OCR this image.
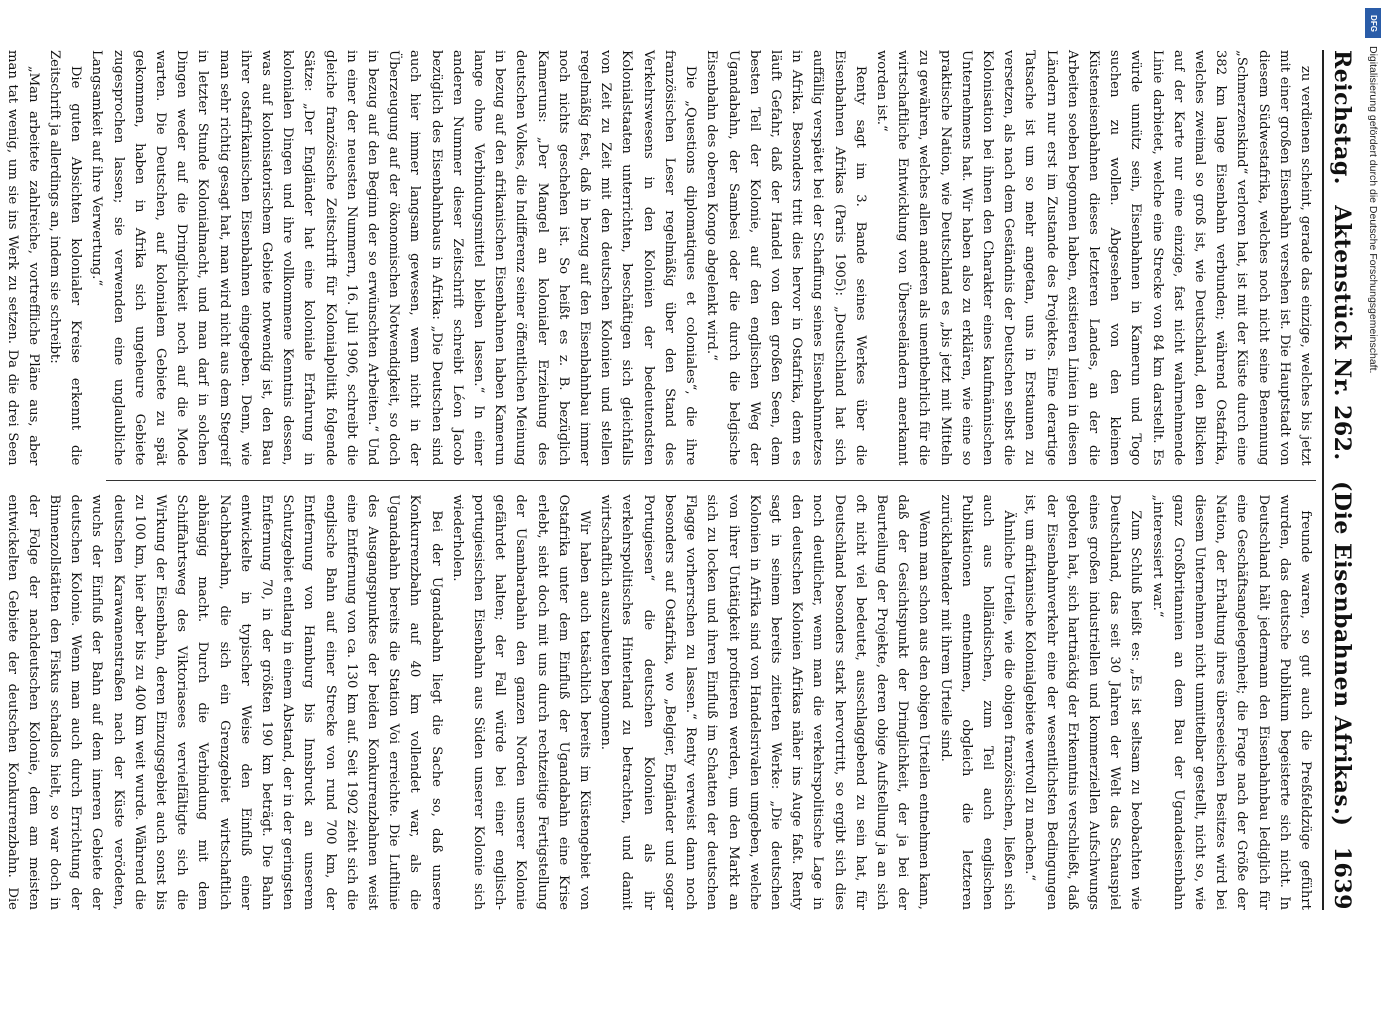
Reichstag.
Aktenstück Nr. 262.
(Die Eisenbahnen Afrikas.)
1639

zu verdienen scheint, gerade das einzige, welches bis jetzt mit einer großen Eisenbahn versehen ist. Die Hauptstadt von diesem Südwestafrika, welches noch nicht seine Benennung „Schmerzenskind“ verloren hat, ist mit der Küste durch eine 382 km lange Eisenbahn verbunden; während Ostafrika, welches zweimal so groß ist, wie Deutschland, den Blicken auf der Karte nur eine einzige, fast nicht wahrnehmende Linie darbietet, welche eine Strecke von 84 km darstellt. Es würde unnütz sein, Eisenbahnen in Kamerun und Togo suchen zu wollen. Abgesehen von den kleinen Küsteneisenbahnen dieses letzteren Landes, an der die Arbeiten soeben begonnen haben, existieren Linien in diesen Ländern nur erst im Zustande des Projektes. Eine derartige Tatsache ist um so mehr angetan, uns in Erstaunen zu versetzen, als nach dem Geständnis der Deutschen selbst die Kolonisation bei ihnen den Charakter eines kaufmännischen Unternehmens hat. Wir haben also zu erklären, wie eine so praktische Nation, wie Deutschland es „bis jetzt mit Mitteln zu gewähren, welches allen anderen als unentbehrlich für die wirtschaftliche Entwicklung von Überseeländern anerkannt worden ist.“

Renty sagt im 3. Bande seines Werkes über die Eisenbahnen Afrikas (Paris 1905): „Deutschland hat sich auffällig verspätet bei der Schaffung seines Eisenbahnnetzes in Afrika. Besonders tritt dies hervor in Ostafrika, denn es läuft Gefahr, daß der Handel von den großen Seen, dem besten Teil der Kolonie, auf den englischen Weg der Ugandabahn, der Sambesi oder die durch die belgische Eisenbahn des oberen Kongo abgelenkt wird.“

Die „Questions diplomatiques et coloniales“, die ihre französischen Leser regelmäßig über den Stand des Verkehrswesens in den Kolonien der bedeutendsten Kolonialstaaten unterrichten, beschäftigen sich gleichfalls von Zeit zu Zeit mit den deutschen Kolonien und stellen regelmäßig fest, daß in bezug auf den Eisenbahnbau immer noch nichts geschehen ist. So heißt es z. B. bezüglich Kameruns: „Der Mangel an kolonialer Erziehung des deutschen Volkes, die Indifferenz seiner öffentlichen Meinung in bezug auf den afrikanischen Eisenbahnen haben Kamerun lange ohne Verbindungsmittel bleiben lassen.“ In einer anderen Nummer dieser Zeitschrift schreibt Léon Jacob bezüglich des Eisenbahnbaus in Afrika: „Die Deutschen sind auch hier immer langsam gewesen, wenn nicht in der Überzeugung auf der ökonomischen Notwendigkeit, so doch in bezug auf den Beginn der so erwünschten Arbeiten.“ Und in einer der neuesten Nummern, 16. Juli 1906, schreibt die gleiche französische Zeitschrift für Kolonialpolitik folgende Sätze: „Der Engländer hat eine koloniale Erfahrung in kolonialen Dingen und ihre vollkommene Kenntnis dessen, was auf kolonisatorischem Gebiete notwendig ist, den Bau ihrer ostafrikanischen Eisenbahnen eingegeben. Denn, wie man sehr richtig gesagt hat, man wird nicht aus dem Stegreif in letzter Stunde Kolonialmacht, und man darf in solchen Dingen weder auf die Dringlichkeit noch auf die Mode warten. Die Deutschen, auf kolonialem Gebiete zu spät gekommen, haben in Afrika sich ungeheure Gebiete zugesprochen lassen; sie verwenden eine unglaubliche Langsamkeit auf ihre Verwertung.“

Die guten Absichten kolonialer Kreise erkennt die Zeitschrift ja allerdings an, indem sie schreibt:

„Man arbeitete zahlreiche, vortreffliche Pläne aus, aber man tat wenig, um sie ins Werk zu setzen. Da die drei Seen

freunde waren, so gut auch die Preßfeldzüge geführt wurden, das deutsche Publikum begeisterte sich nicht. In Deutschland hält jedermann den Eisenbahnbau lediglich für eine Geschäftsangelegenheit; die Frage nach der Größe der Nation, der Erhaltung ihres überseeischen Besitzes wird bei diesem Unternehmen nicht unmittelbar gestellt, nicht so, wie ganz Großbritannien an dem Bau der Ugandaeisenbahn „interessiert war.“

Zum Schluß heißt es: „Es ist seltsam zu beobachten wie Deutschland, das seit 30 Jahren der Welt das Schauspiel eines großen industriellen und kommerziellen Aufschwungs geboten hat, sich hartnäckig der Erkenntnis verschließt, daß der Eisenbahnverkehr eine der wesentlichsten Bedingungen ist, um afrikanische Kolonialgebiete wertvoll zu machen.“

Ähnliche Urteile, wie die obigen französischen, ließen sich auch aus holländischen, zum Teil auch englischen Publikationen entnehmen, obgleich die letzteren zurückhaltender mit ihrem Urteile sind.

Wenn man schon aus den obigen Urteilen entnehmen kann, daß der Gesichtspunkt der Dringlichkeit, der ja bei der Beurteilung der Projekte, deren obige Aufstellung ja an sich oft nicht viel bedeutet, ausschlaggebend zu sein hat, für Deutschland besonders stark hervortritt, so ergibt sich dies noch deutlicher, wenn man die verkehrspolitische Lage in den deutschen Kolonien Afrikas näher ins Auge faßt. Renty sagt in seinem bereits zitierten Werke: „Die deutschen Kolonien in Afrika sind von Handelsrivalen umgeben, welche von ihrer Untätigkeit profitieren werden, um den Markt an sich zu locken und ihren Einfluß im Schatten der deutschen Flagge vorherrschen zu lassen.“ Renty verweist dann noch besonders auf Ostafrika, wo „Belgier, Engländer und sogar Portugiesen“ die deutschen Kolonien als ihr verkehrspolitisches Hinterland zu betrachten, und damit wirtschaftlich auszubeuten begonnen.

Wir haben auch tatsächlich bereits im Küstengebiet von Ostafrika unter dem Einfluß der Ugandabahn eine Krise erlebt, sieht doch mit uns durch rechtzeitige Fertigstellung der Usambarabahn den ganzen Norden unserer Kolonie gefährdet halten; der Fall würde bei einer englisch-portugiesischen Eisenbahn aus Süden unserer Kolonie sich wiederholen.

Bei der Ugandabahn liegt die Sache so, daß unsere Konkurrenzbahn auf 40 km vollendet war, als die Ugandabahn bereits die Station Voi erreichte. Die Luftlinie des Ausgangspunktes der beiden Konkurrenzbahnen weist eine Entfernung von ca. 130 km auf. Seit 1902 zieht sich die englische Bahn auf einer Strecke von rund 700 km, der Entfernung von Hamburg bis Innsbruck an unserem Schutzgebiet entlang in einem Abstand, der in der geringsten Entfernung 70, in der größten 190 km beträgt. Die Bahn entwickelte in typischer Weise den Einfluß einer Nachbarbahn, die sich ein Grenzgebiet wirtschaftlich abhängig macht. Durch die Verbindung mit dem Schiffahrtsweg des Viktoriasees vervielfältigte sich die Wirkung der Eisenbahn, deren Einzugsgebiet auch sonst bis zu 100 km, hier aber bis zu 400 km weit wurde. Während die deutschen Karawanenstraßen nach der Küste verödeten, wuchs der Einfluß der Bahn auf dem inneren Gebiete der deutschen Kolonie. Wenn man auch durch Errichtung der Binnenzollstätten den Fiskus schadlos hielt, so war doch in der Folge der nachdeutschen Kolonie, dem am meisten entwickelten Gebiete der deutschen Konkurrenzbahn. Die

DFG
Digitalisierung gefördert durch die Deutsche Forschungsgemeinschaft.
